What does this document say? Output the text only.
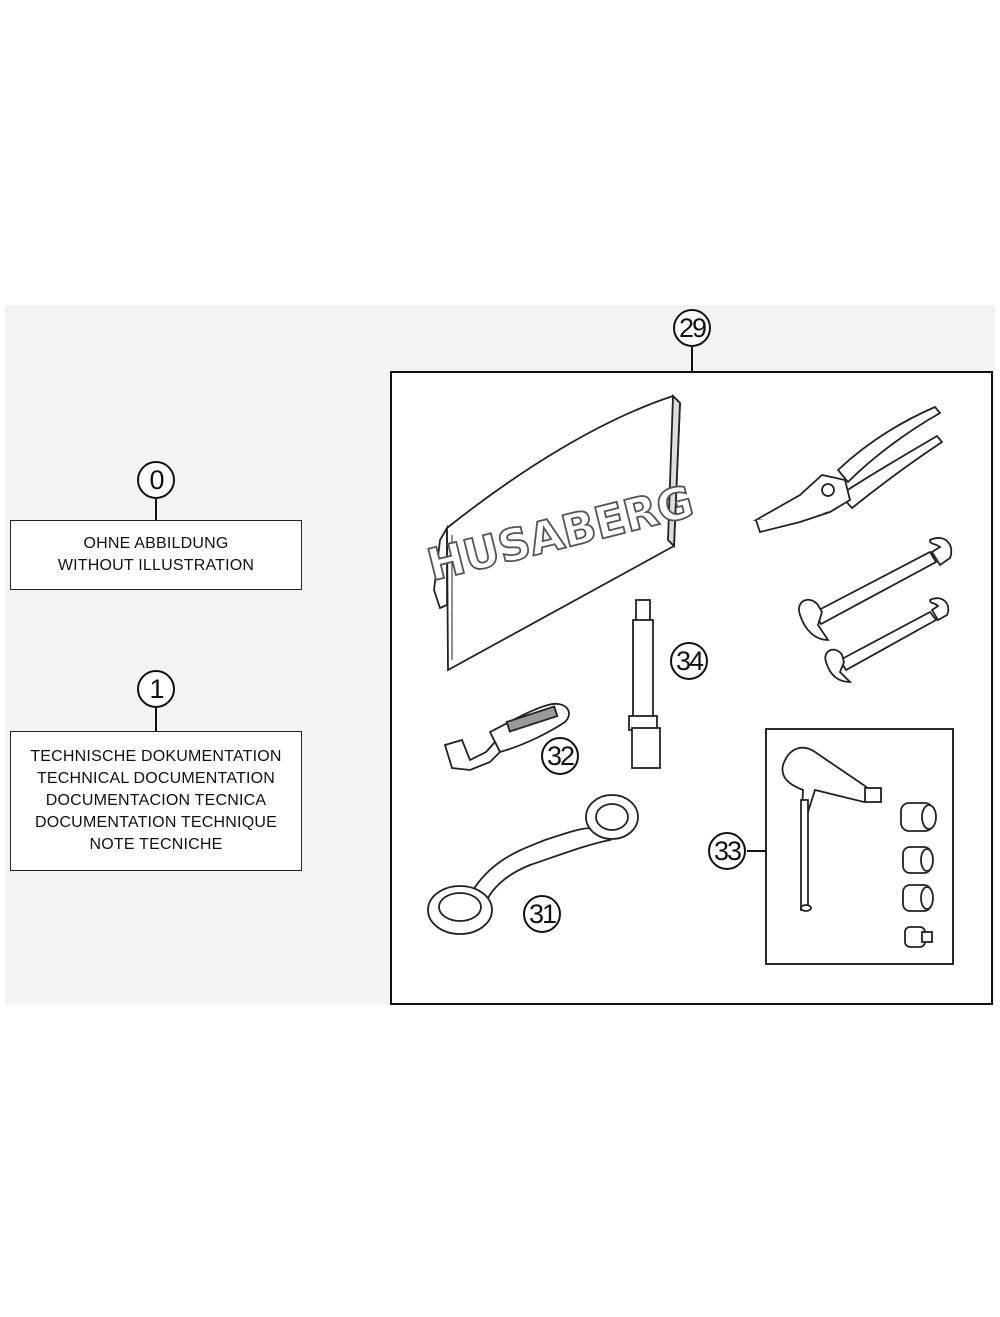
0
OHNE ABBILDUNG
WITHOUT ILLUSTRATION
1
TECHNISCHE DOKUMENTATION
TECHNICAL DOCUMENTATION
DOCUMENTACION TECNICA
DOCUMENTATION TECHNIQUE
NOTE TECNICHE
29
HUSABERG
34
32
33
31
